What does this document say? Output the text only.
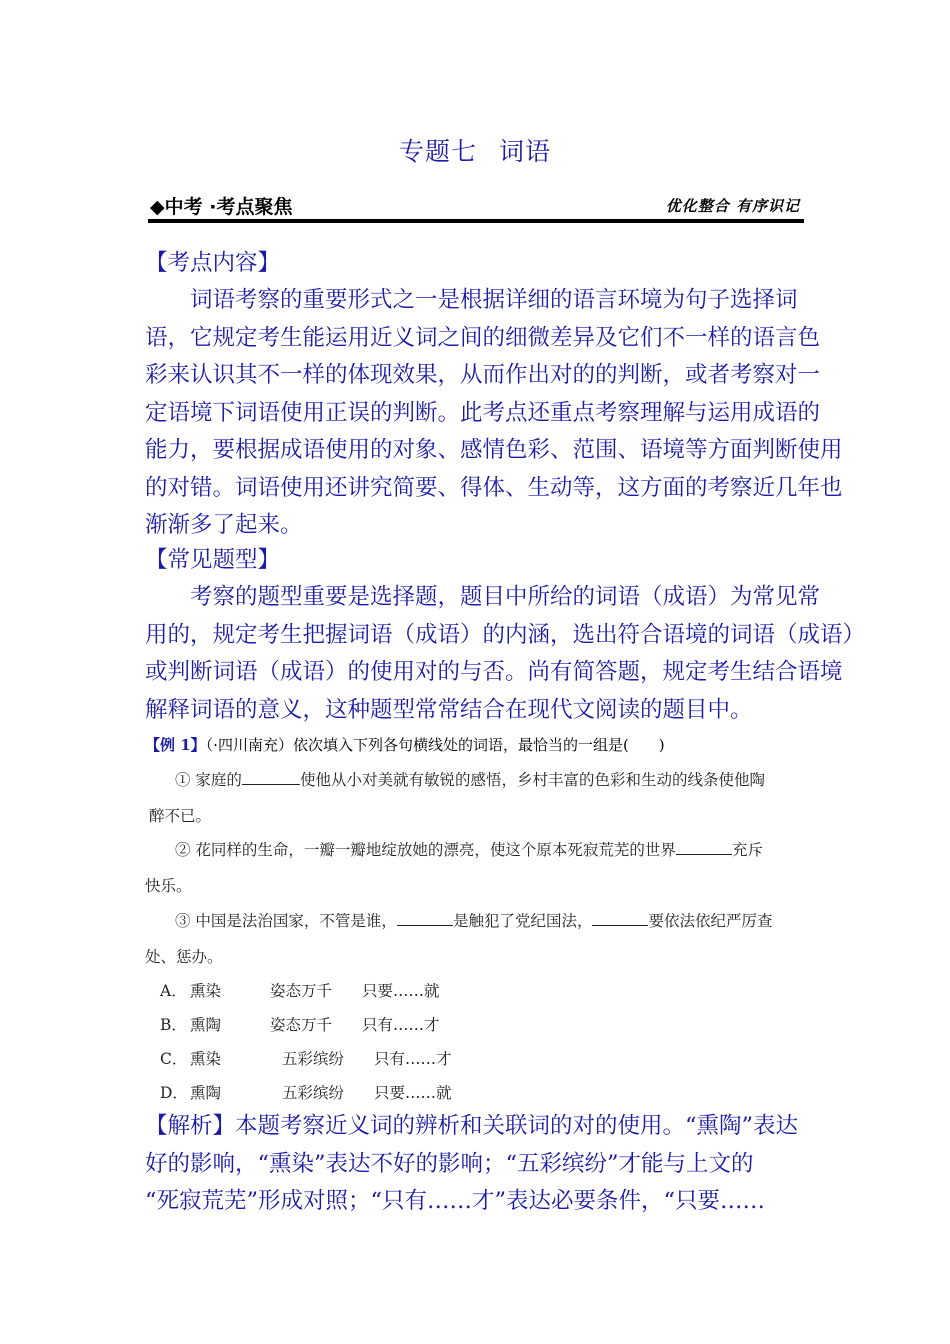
专题七 词语
◆中考 ·考点聚焦	优化整合 有序识记
【考点内容】
词语考察的重要形式之一是根据详细的语言环境为句子选择词
语，它规定考生能运用近义词之间的细微差异及它们不一样的语言色
彩来认识其不一样的体现效果，从而作出对的的判断，或者考察对一
定语境下词语使用正误的判断。此考点还重点考察理解与运用成语的
能力，要根据成语使用的对象、感情色彩、范围、语境等方面判断使用
的对错。词语使用还讲究简要、得体、生动等，这方面的考察近几年也
渐渐多了起来。
【常见题型】
考察的题型重要是选择题，题目中所给的词语（成语）为常见常
用的，规定考生把握词语（成语）的内涵，选出符合语境的词语（成语）
或判断词语（成语）的使用对的与否。尚有简答题，规定考生结合语境
解释词语的意义，这种题型常常结合在现代文阅读的题目中。
【例 1】（·四川南充）依次填入下列各句横线处的词语，最恰当的一组是(　　)
① 家庭的	使他从小对美就有敏锐的感悟，乡村丰富的色彩和生动的线条使他陶
醉不已。
② 花同样的生命，一瓣一瓣地绽放她的漂亮，使这个原本死寂荒芜的世界	充斥
快乐。
③ 中国是法治国家，不管是谁，	是触犯了党纪国法，	要依法依纪严厉查
处、惩办。
A． 熏染	姿态万千 只要……就
B． 熏陶	姿态万千 只有……才
C． 熏染	五彩缤纷 只有……才
D． 熏陶	五彩缤纷 只要……就
【解析】本题考察近义词的辨析和关联词的对的使用。“熏陶”表达
好的影响，“熏染”表达不好的影响；“五彩缤纷”才能与上文的
“死寂荒芜”形成对照；“只有……才”表达必要条件，“只要……
